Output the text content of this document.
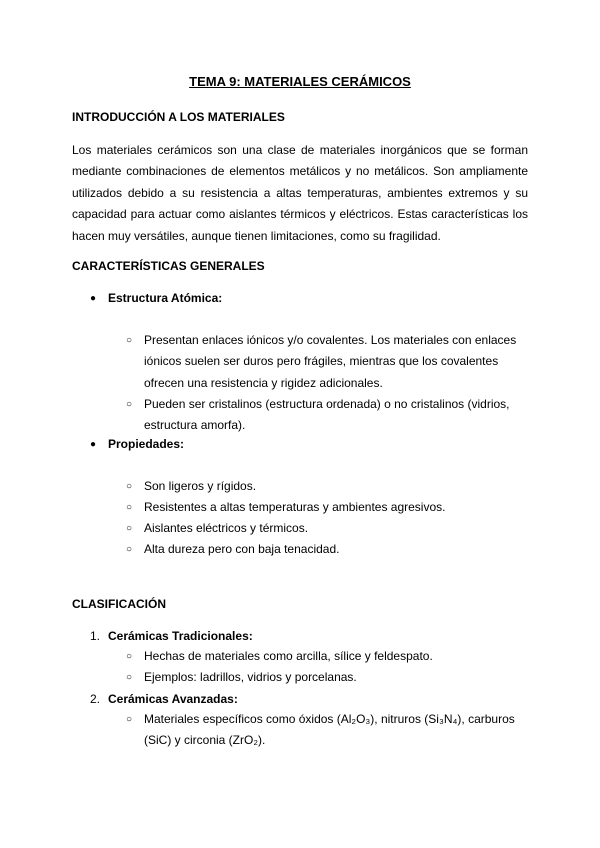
TEMA 9: MATERIALES CERÁMICOS
INTRODUCCIÓN A LOS MATERIALES
Los materiales cerámicos son una clase de materiales inorgánicos que se forman mediante combinaciones de elementos metálicos y no metálicos. Son ampliamente utilizados debido a su resistencia a altas temperaturas, ambientes extremos y su capacidad para actuar como aislantes térmicos y eléctricos. Estas características los hacen muy versátiles, aunque tienen limitaciones, como su fragilidad.
CARACTERÍSTICAS GENERALES
● Estructura Atómica:
○ Presentan enlaces iónicos y/o covalentes. Los materiales con enlaces iónicos suelen ser duros pero frágiles, mientras que los covalentes ofrecen una resistencia y rigidez adicionales.
○ Pueden ser cristalinos (estructura ordenada) o no cristalinos (vidrios, estructura amorfa).
● Propiedades:
○ Son ligeros y rígidos.
○ Resistentes a altas temperaturas y ambientes agresivos.
○ Aislantes eléctricos y térmicos.
○ Alta dureza pero con baja tenacidad.
CLASIFICACIÓN
1. Cerámicas Tradicionales:
○ Hechas de materiales como arcilla, sílice y feldespato.
○ Ejemplos: ladrillos, vidrios y porcelanas.
2. Cerámicas Avanzadas:
○ Materiales específicos como óxidos (Al₂O₃), nitruros (Si₃N₄), carburos (SiC) y circonia (ZrO₂).
